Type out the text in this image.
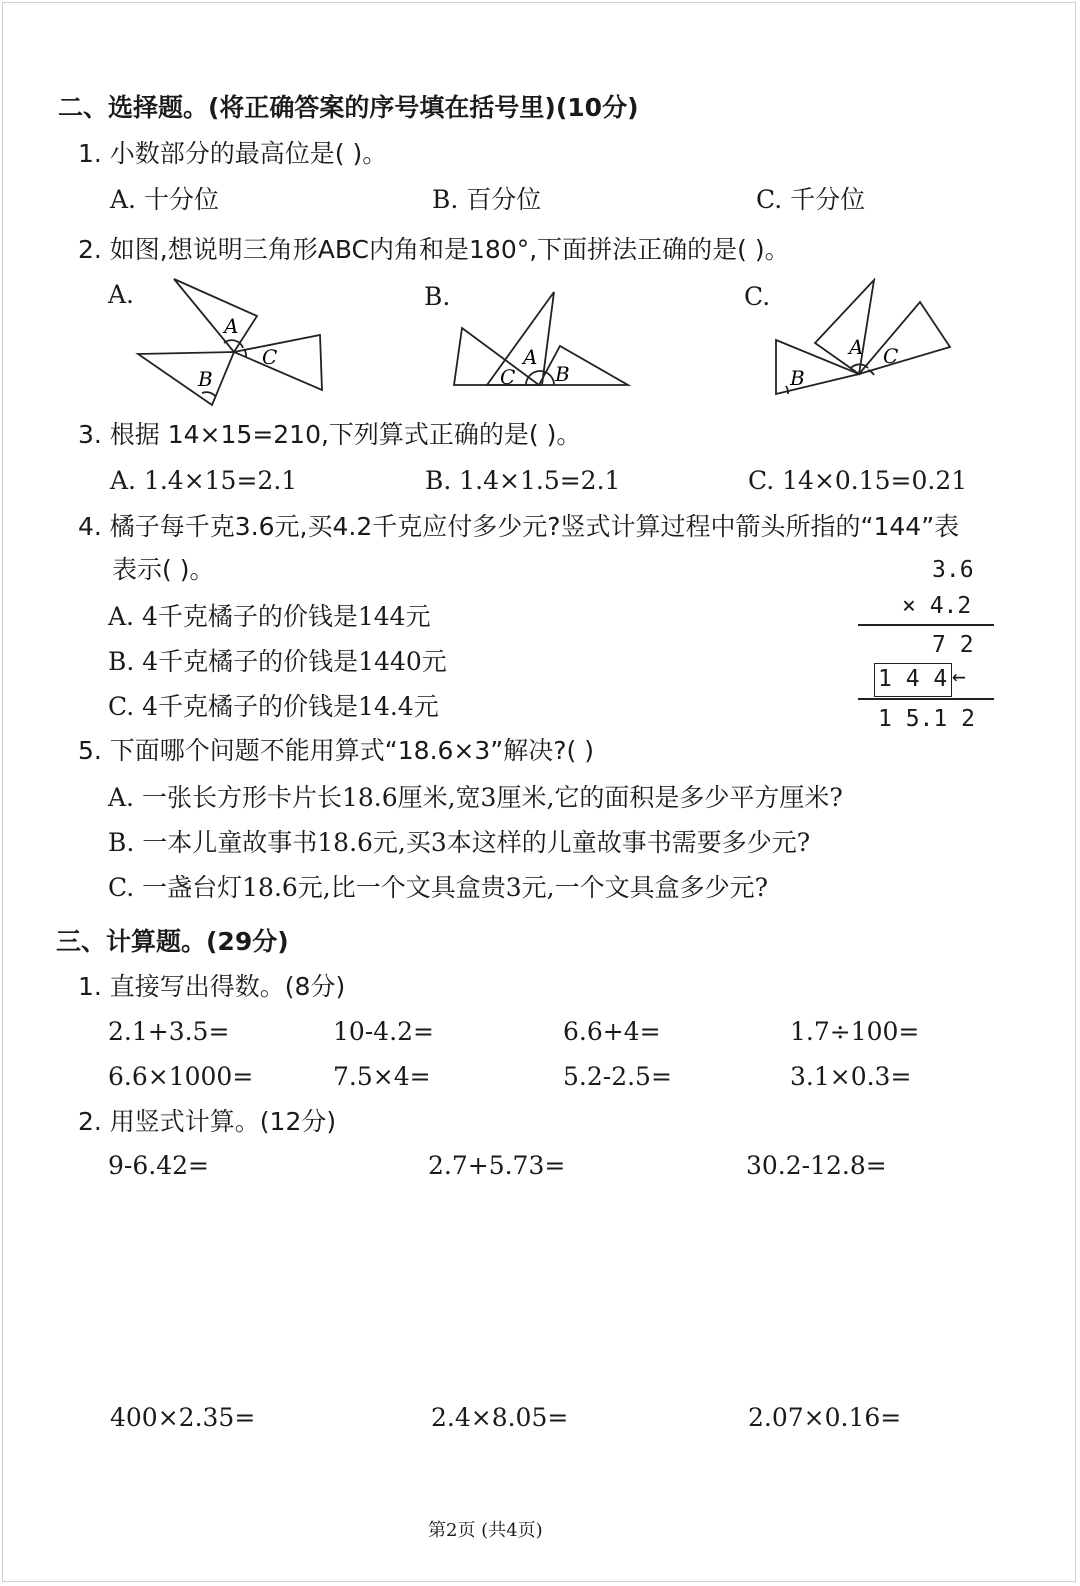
二、选择题。(将正确答案的序号填在括号里)(10分)
1. 小数部分的最高位是( )。
A. 十分位	B. 百分位	C. 千分位
2. 如图,想说明三角形ABC内角和是180°,下面拼法正确的是( )。
A.	B.	C.
A
C
B
A
C B
A C
B
3. 根据 14×15=210,下列算式正确的是( )。
A. 1.4×15=2.1	B. 1.4×1.5=2.1	C. 14×0.15=0.21
4. 橘子每千克3.6元,买4.2千克应付多少元?竖式计算过程中箭头所指的“144”表
表示( )。
A. 4千克橘子的价钱是144元
B. 4千克橘子的价钱是1440元
C. 4千克橘子的价钱是14.4元
3.6
× 4.2
7 2
1 4 4 ←
1 5.1 2
5. 下面哪个问题不能用算式“18.6×3”解决?( )
A. 一张长方形卡片长18.6厘米,宽3厘米,它的面积是多少平方厘米?
B. 一本儿童故事书18.6元,买3本这样的儿童故事书需要多少元?
C. 一盏台灯18.6元,比一个文具盒贵3元,一个文具盒多少元?
三、计算题。(29分)
1. 直接写出得数。(8分)
2.1+3.5=	10-4.2=	6.6+4=	1.7÷100=
6.6×1000=	7.5×4=	5.2-2.5=	3.1×0.3=
2. 用竖式计算。(12分)
9-6.42=	2.7+5.73=	30.2-12.8=
400×2.35=	2.4×8.05=	2.07×0.16=
第2页 (共4页)
